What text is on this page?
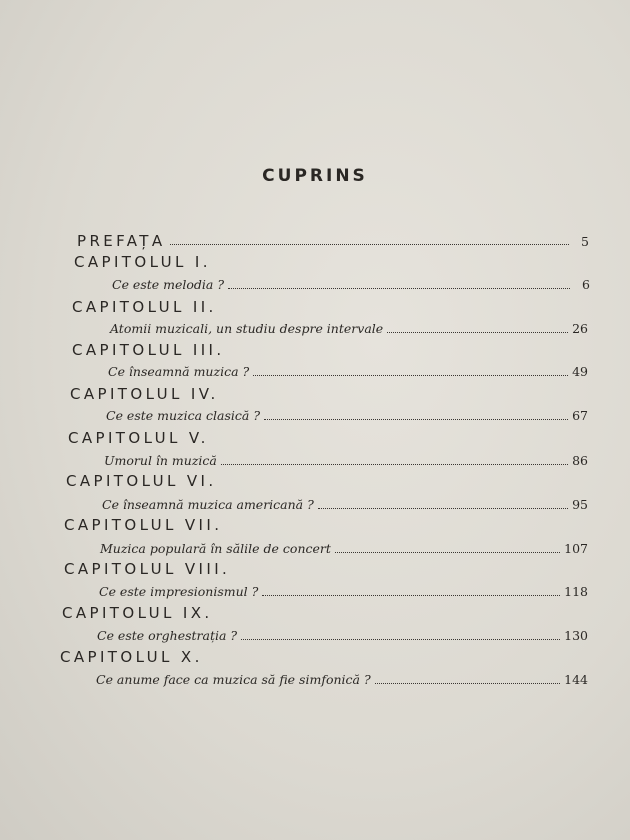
CUPRINS
PREFAȚA	5
CAPITOLUL I.
Ce este melodia ?	6
CAPITOLUL II.
Atomii muzicali, un studiu despre intervale	26
CAPITOLUL III.
Ce înseamnă muzica ?	49
CAPITOLUL IV.
Ce este muzica clasică ?	67
CAPITOLUL V.
Umorul în muzică	86
CAPITOLUL VI.
Ce înseamnă muzica americană ?	95
CAPITOLUL VII.
Muzica populară în sălile de concert	107
CAPITOLUL VIII.
Ce este impresionismul ?	118
CAPITOLUL IX.
Ce este orghestrația ?	130
CAPITOLUL X.
Ce anume face ca muzica să fie simfonică ?	144
